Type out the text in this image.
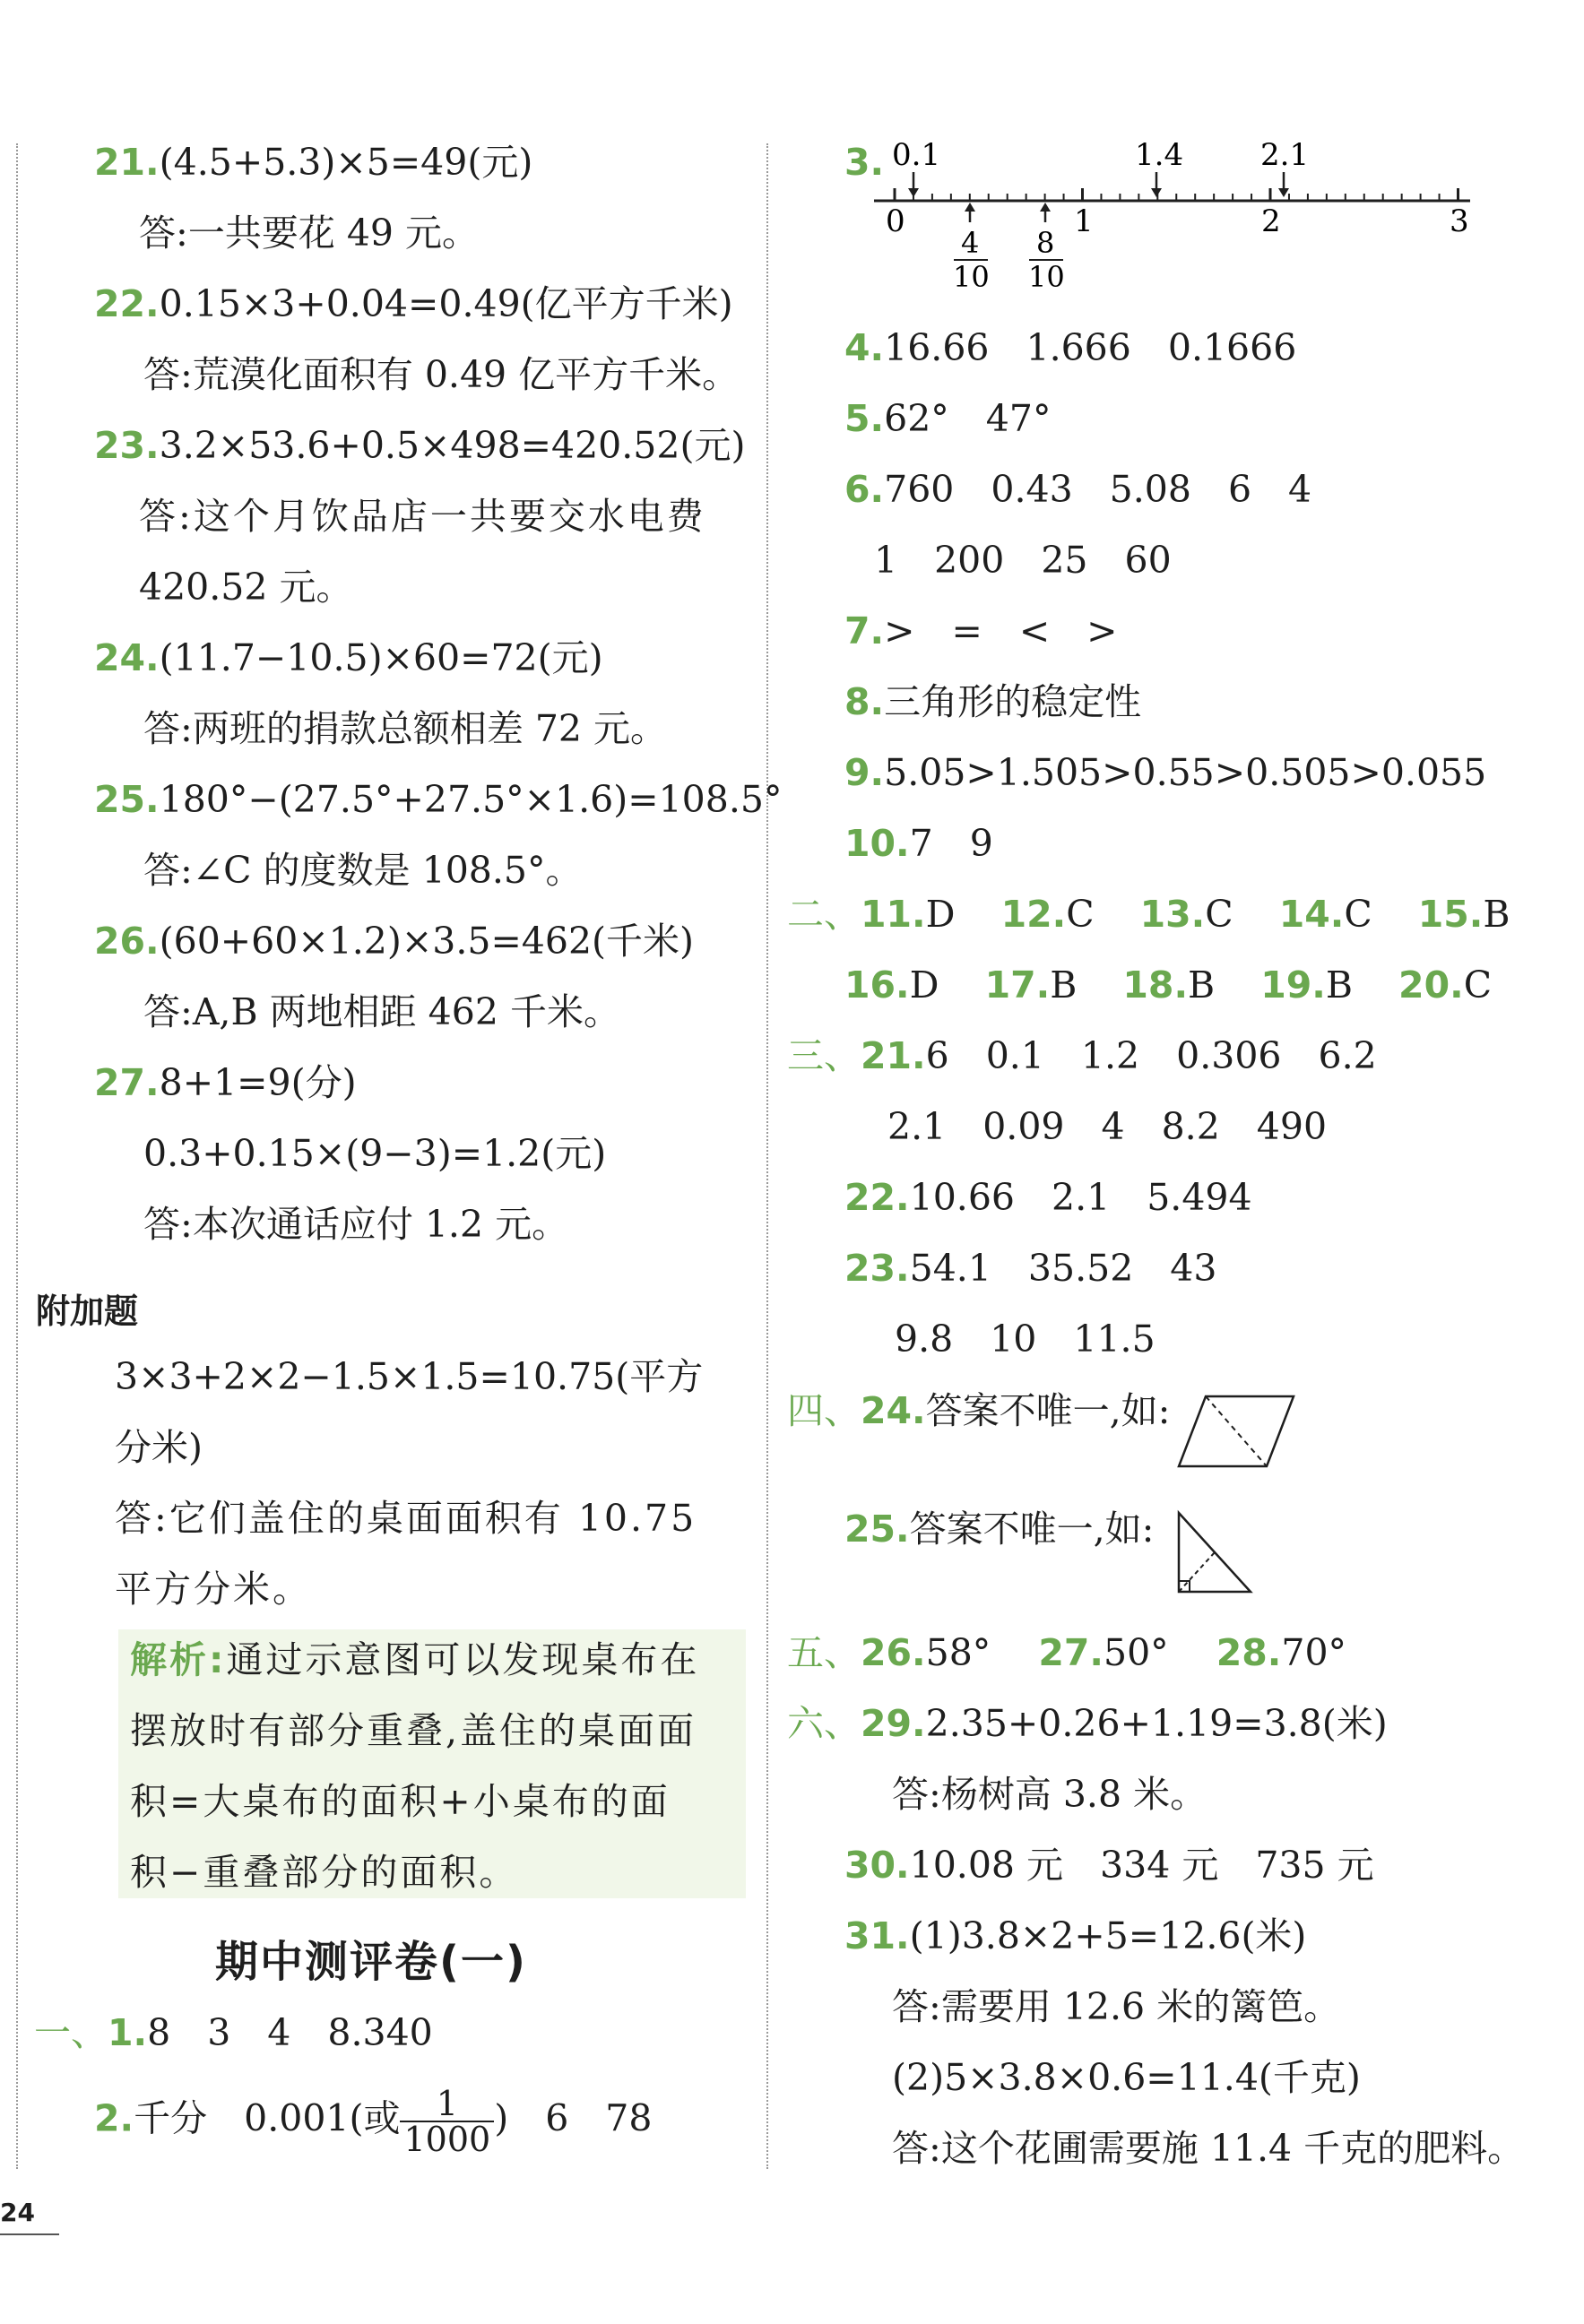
21.(4.5+5.3)×5=49(元)
答:一共要花 49 元。
22.0.15×3+0.04=0.49(亿平方千米)
答:荒漠化面积有 0.49 亿平方千米。
23.3.2×53.6+0.5×498=420.52(元)
答:这个月饮品店一共要交水电费
420.52 元。
24.(11.7−10.5)×60=72(元)
答:两班的捐款总额相差 72 元。
25.180°−(27.5°+27.5°×1.6)=108.5°
答:∠C 的度数是 108.5°。
26.(60+60×1.2)×3.5=462(千米)
答:A,B 两地相距 462 千米。
27.8+1=9(分)
0.3+0.15×(9−3)=1.2(元)
答:本次通话应付 1.2 元。
附加题
3×3+2×2−1.5×1.5=10.75(平方
分米)
答:它们盖住的桌面面积有 10.75
平方分米。
解析:通过示意图可以发现桌布在
摆放时有部分重叠,盖住的桌面面
积=大桌布的面积+小桌布的面
积−重叠部分的面积。
期中测评卷(一)
一、1.8　3　4　8.340
2.千分　0.001(或 $\frac{1}{1000}$ )　6　78
3. 0.1	1.4	2.1
0	1	2	3
4
10
8
10
4.16.66　1.666　0.1666
5.62°　47°
6.760　0.43　5.08　6　4
1　200　25　60
7.>　=　<　>
8.三角形的稳定性
9.5.05>1.505>0.55>0.505>0.055
10.7　9
二、11.D 12.C 13.C 14.C 15.B
16.D 17.B 18.B 19.B 20.C
三、21.6　0.1　1.2　0.306　6.2
2.1　0.09　4　8.2　490
22.10.66　2.1　5.494
23.54.1　35.52　43
9.8　10　11.5
四、24.答案不唯一,如:
25.答案不唯一,如:
五、26.58° 27.50° 28.70°
六、29.2.35+0.26+1.19=3.8(米)
答:杨树高 3.8 米。
30.10.08 元　334 元　735 元
31.(1)3.8×2+5=12.6(米)
答:需要用 12.6 米的篱笆。
(2)5×3.8×0.6=11.4(千克)
答:这个花圃需要施 11.4 千克的肥料。
24
